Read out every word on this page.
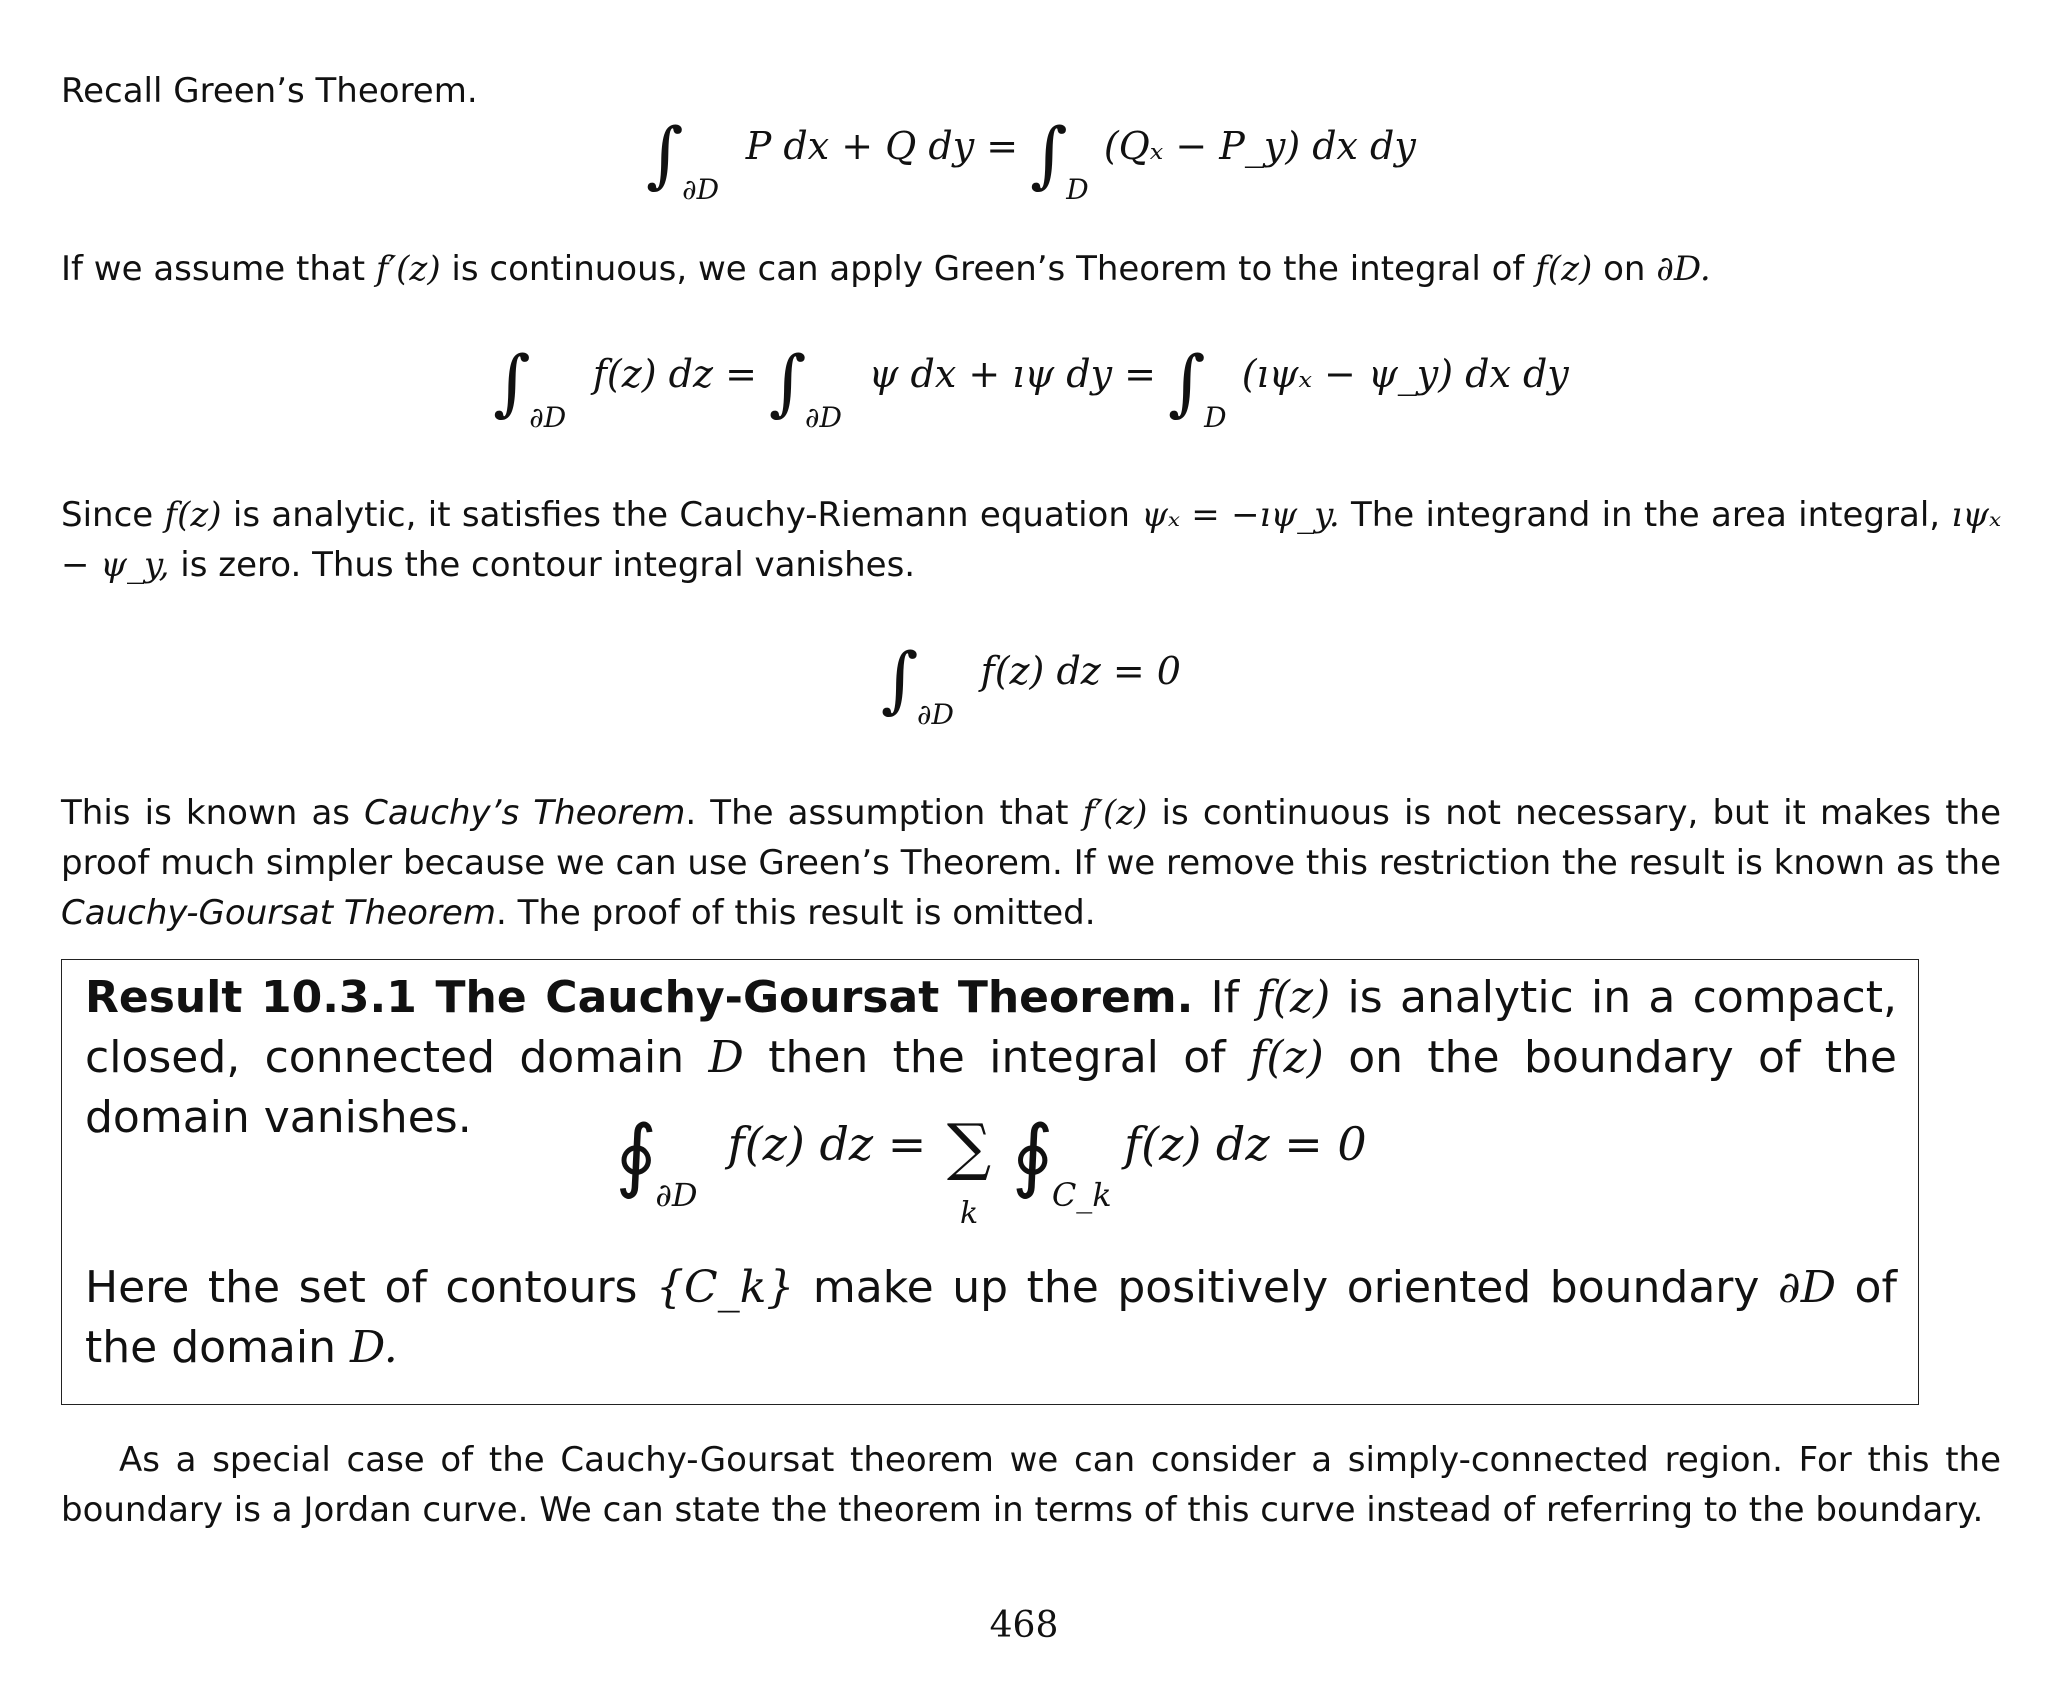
Recall Green’s Theorem.

∫
∂D
P dx + Q dy = ∫
D
(Qₓ − P_y) dx dy

If we assume that f′(z) is continuous, we can apply Green’s Theorem to the integral of f(z) on ∂D.

∫
∂D
f(z) dz = ∫
∂D
ψ dx + ıψ dy = ∫
D
(ıψₓ − ψ_y) dx dy

Since f(z) is analytic, it satisfies the Cauchy-Riemann equation ψₓ = −ıψ_y. The integrand in the area integral, ıψₓ − ψ_y, is zero. Thus the contour integral vanishes.

∫
∂D
f(z) dz = 0

This is known as Cauchy’s Theorem. The assumption that f′(z) is continuous is not necessary, but it makes the proof much simpler because we can use Green’s Theorem. If we remove this restriction the result is known as the Cauchy-Goursat Theorem. The proof of this result is omitted.

Result 10.3.1 The Cauchy-Goursat Theorem. If f(z) is analytic in a compact, closed, connected domain D then the integral of f(z) on the boundary of the domain vanishes.	∮
∂D
f(z) dz = ∑
k
∮
C_k
f(z) dz = 0

Here the set of contours {C_k} make up the positively oriented boundary ∂D of the domain D.

As a special case of the Cauchy-Goursat theorem we can consider a simply-connected region. For this the boundary is a Jordan curve. We can state the theorem in terms of this curve instead of referring to the boundary.

468
